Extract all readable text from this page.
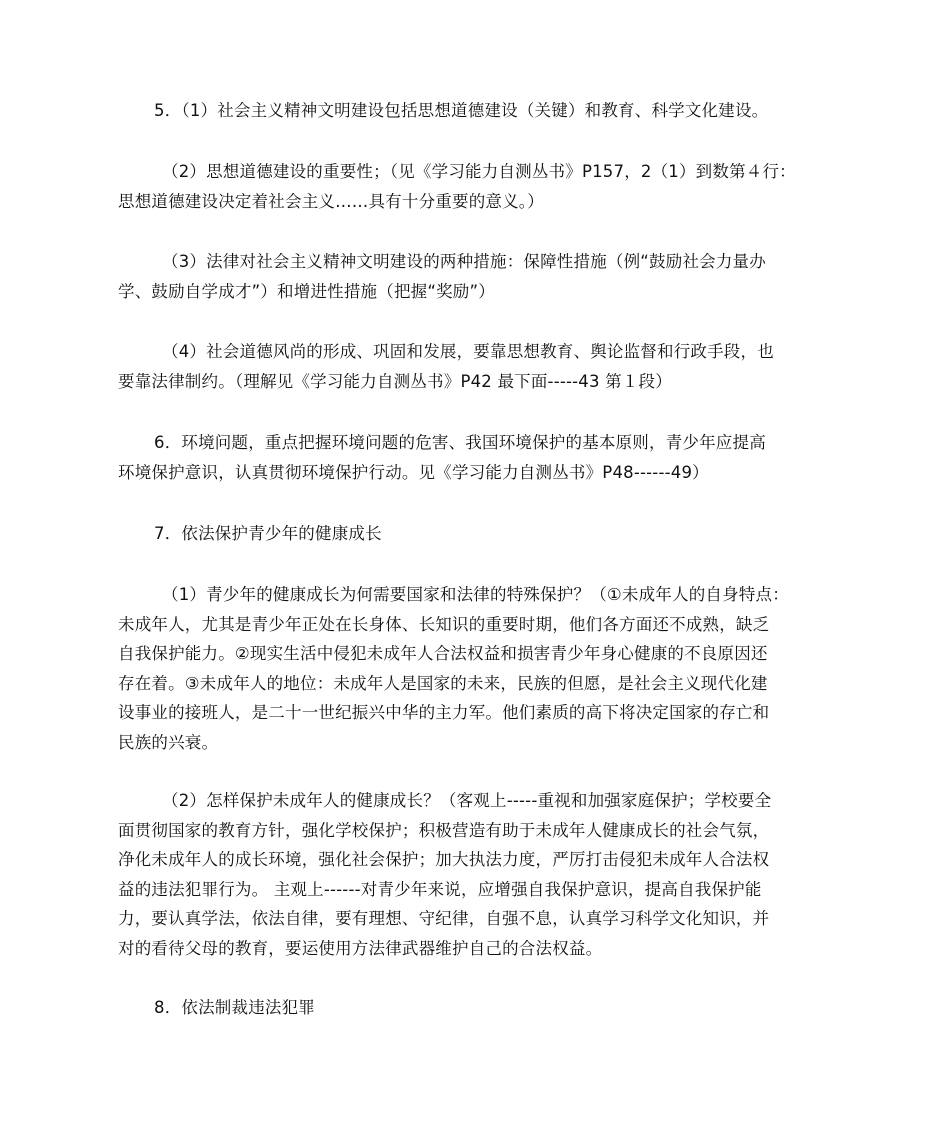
5．（1）社会主义精神文明建设包括思想道德建设（关键）和教育、科学文化建设。
（2）思想道德建设的重要性；（见《学习能力自测丛书》P157，2（1）到数第４行：
思想道德建设决定着社会主义……具有十分重要的意义。）
（3）法律对社会主义精神文明建设的两种措施：保障性措施（例“鼓励社会力量办
学、鼓励自学成才”）和增进性措施（把握“奖励”）
（4）社会道德风尚的形成、巩固和发展，要靠思想教育、舆论监督和行政手段，也
要靠法律制约。（理解见《学习能力自测丛书》P42 最下面-----43 第１段）
6．环境问题，重点把握环境问题的危害、我国环境保护的基本原则，青少年应提高
环境保护意识，认真贯彻环境保护行动。见《学习能力自测丛书》P48------49）
7．依法保护青少年的健康成长
（1）青少年的健康成长为何需要国家和法律的特殊保护？（①未成年人的自身特点：
未成年人，尤其是青少年正处在长身体、长知识的重要时期，他们各方面还不成熟，缺乏
自我保护能力。②现实生活中侵犯未成年人合法权益和损害青少年身心健康的不良原因还
存在着。③未成年人的地位：未成年人是国家的未来，民族的但愿，是社会主义现代化建
设事业的接班人，是二十一世纪振兴中华的主力军。他们素质的高下将决定国家的存亡和
民族的兴衰。
（2）怎样保护未成年人的健康成长？（客观上-----重视和加强家庭保护；学校要全
面贯彻国家的教育方针，强化学校保护；积极营造有助于未成年人健康成长的社会气氛，
净化未成年人的成长环境，强化社会保护；加大执法力度，严厉打击侵犯未成年人合法权
益的违法犯罪行为。 主观上------对青少年来说，应增强自我保护意识，提高自我保护能
力，要认真学法，依法自律，要有理想、守纪律，自强不息，认真学习科学文化知识，并
对的看待父母的教育，要运使用方法律武器维护自己的合法权益。
8．依法制裁违法犯罪
